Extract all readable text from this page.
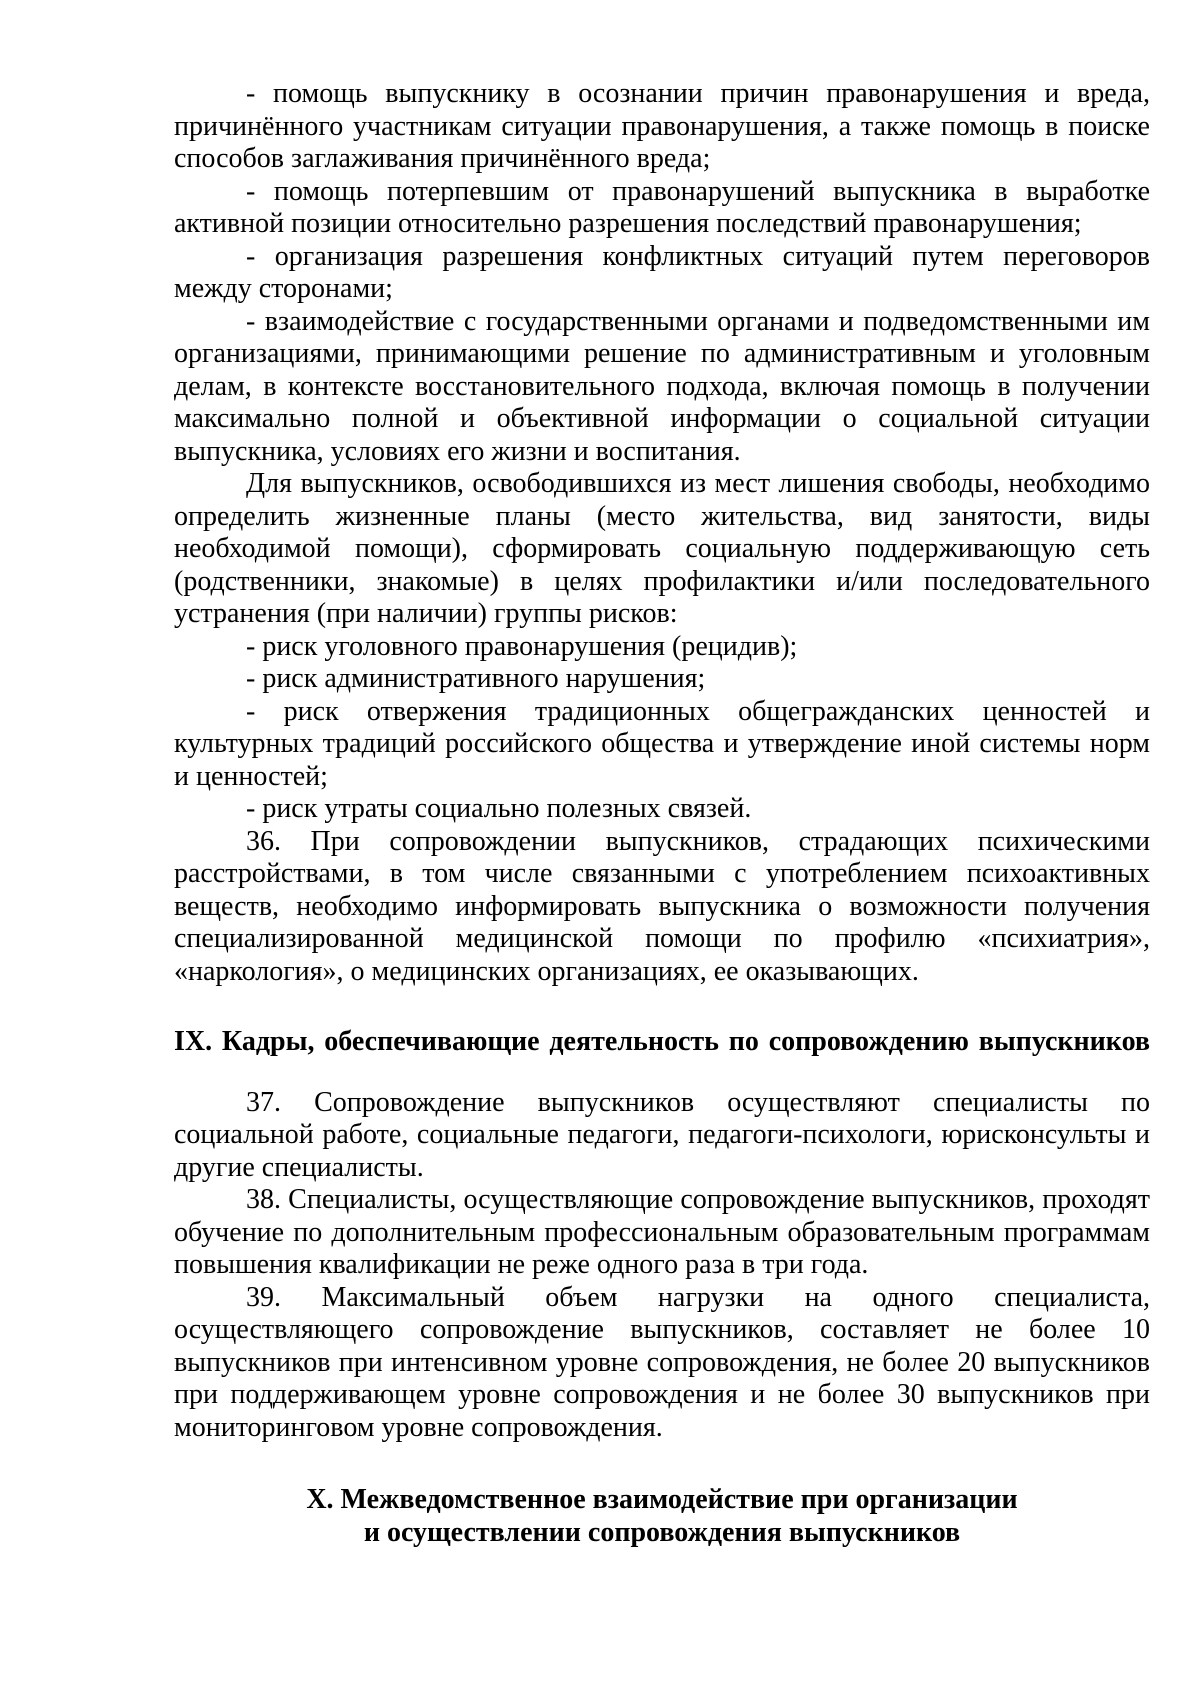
- помощь выпускнику в осознании причин правонарушения и вреда, причинённого участникам ситуации правонарушения, а также помощь в поиске способов заглаживания причинённого вреда;

- помощь потерпевшим от правонарушений выпускника в выработке активной позиции относительно разрешения последствий правонарушения;

- организация разрешения конфликтных ситуаций путем переговоров между сторонами;

- взаимодействие с государственными органами и подведомственными им организациями, принимающими решение по административным и уголовным делам, в контексте восстановительного подхода, включая помощь в получении максимально полной и объективной информации о социальной ситуации выпускника, условиях его жизни и воспитания.

Для выпускников, освободившихся из мест лишения свободы, необходимо определить жизненные планы (место жительства, вид занятости, виды необходимой помощи), сформировать социальную поддерживающую сеть (родственники, знакомые) в целях профилактики и/или последовательного устранения (при наличии) группы рисков:

- риск уголовного правонарушения (рецидив);

- риск административного нарушения;

- риск отвержения традиционных общегражданских ценностей и культурных традиций российского общества и утверждение иной системы норм и ценностей;

- риск утраты социально полезных связей.

36. При сопровождении выпускников, страдающих психическими расстройствами, в том числе связанными с употреблением психоактивных веществ, необходимо информировать выпускника о возможности получения специализированной медицинской помощи по профилю «психиатрия», «наркология», о медицинских организациях, ее оказывающих.

IX. Кадры, обеспечивающие деятельность по сопровождению выпускников

37. Сопровождение выпускников осуществляют специалисты по социальной работе, социальные педагоги, педагоги-психологи, юрисконсульты и другие специалисты.

38. Специалисты, осуществляющие сопровождение выпускников, проходят обучение по дополнительным профессиональным образовательным программам повышения квалификации не реже одного раза в три года.

39. Максимальный объем нагрузки на одного специалиста, осуществляющего сопровождение выпускников, составляет не более 10 выпускников при интенсивном уровне сопровождения, не более 20 выпускников при поддерживающем уровне сопровождения и не более 30 выпускников при мониторинговом уровне сопровождения.

X. Межведомственное взаимодействие при организации
и осуществлении сопровождения выпускников
